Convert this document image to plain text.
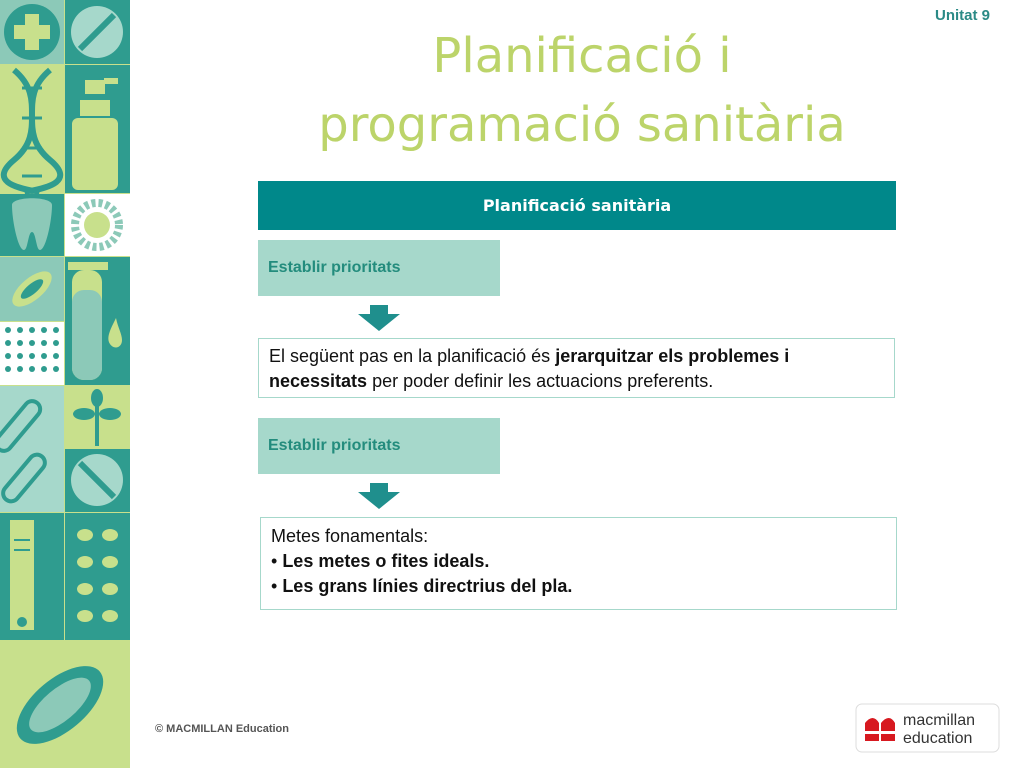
Unitat 9
Planificació i
programació sanitària
Planificació sanitària
Establir prioritats
El següent pas en la planificació és jerarquitzar els problemes i necessitats per poder definir les actuacions preferents.
Establir prioritats
Metes fonamentals:
• Les metes o fites ideals.
• Les grans línies directrius del pla.
© MACMILLAN Education	macmillan
education
